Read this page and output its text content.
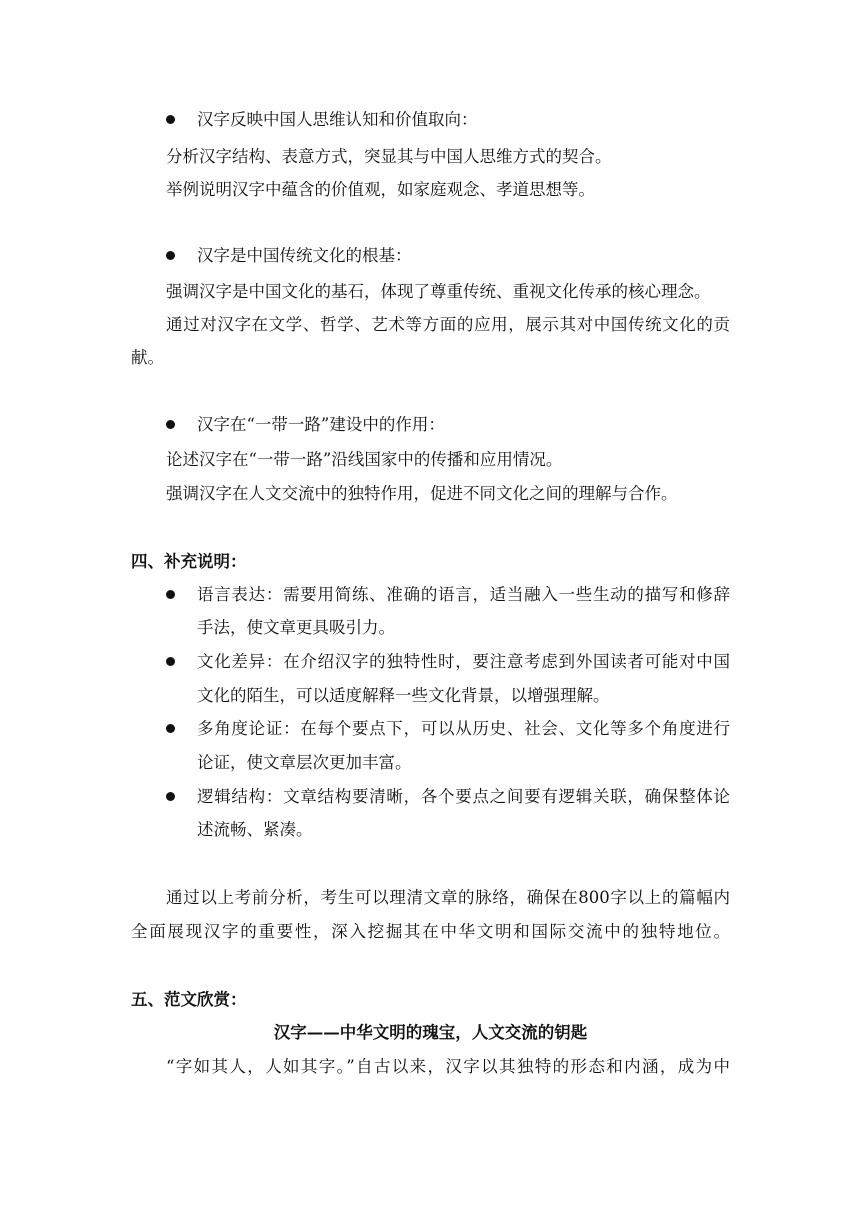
汉字反映中国人思维认知和价值取向：
分析汉字结构、表意方式，突显其与中国人思维方式的契合。
举例说明汉字中蕴含的价值观，如家庭观念、孝道思想等。
汉字是中国传统文化的根基：
强调汉字是中国文化的基石，体现了尊重传统、重视文化传承的核心理念。
通过对汉字在文学、哲学、艺术等方面的应用，展示其对中国传统文化的贡
献。
汉字在“一带一路”建设中的作用：
论述汉字在“一带一路”沿线国家中的传播和应用情况。
强调汉字在人文交流中的独特作用，促进不同文化之间的理解与合作。
四、补充说明：
语言表达：需要用简练、准确的语言，适当融入一些生动的描写和修辞
手法，使文章更具吸引力。
文化差异：在介绍汉字的独特性时，要注意考虑到外国读者可能对中国
文化的陌生，可以适度解释一些文化背景，以增强理解。
多角度论证：在每个要点下，可以从历史、社会、文化等多个角度进行
论证，使文章层次更加丰富。
逻辑结构：文章结构要清晰，各个要点之间要有逻辑关联，确保整体论
述流畅、紧凑。
通过以上考前分析，考生可以理清文章的脉络，确保在800字以上的篇幅内
全面展现汉字的重要性，深入挖掘其在中华文明和国际交流中的独特地位。
五、范文欣赏：
汉字——中华文明的瑰宝，人文交流的钥匙
“字如其人，人如其字。”自古以来，汉字以其独特的形态和内涵，成为中
